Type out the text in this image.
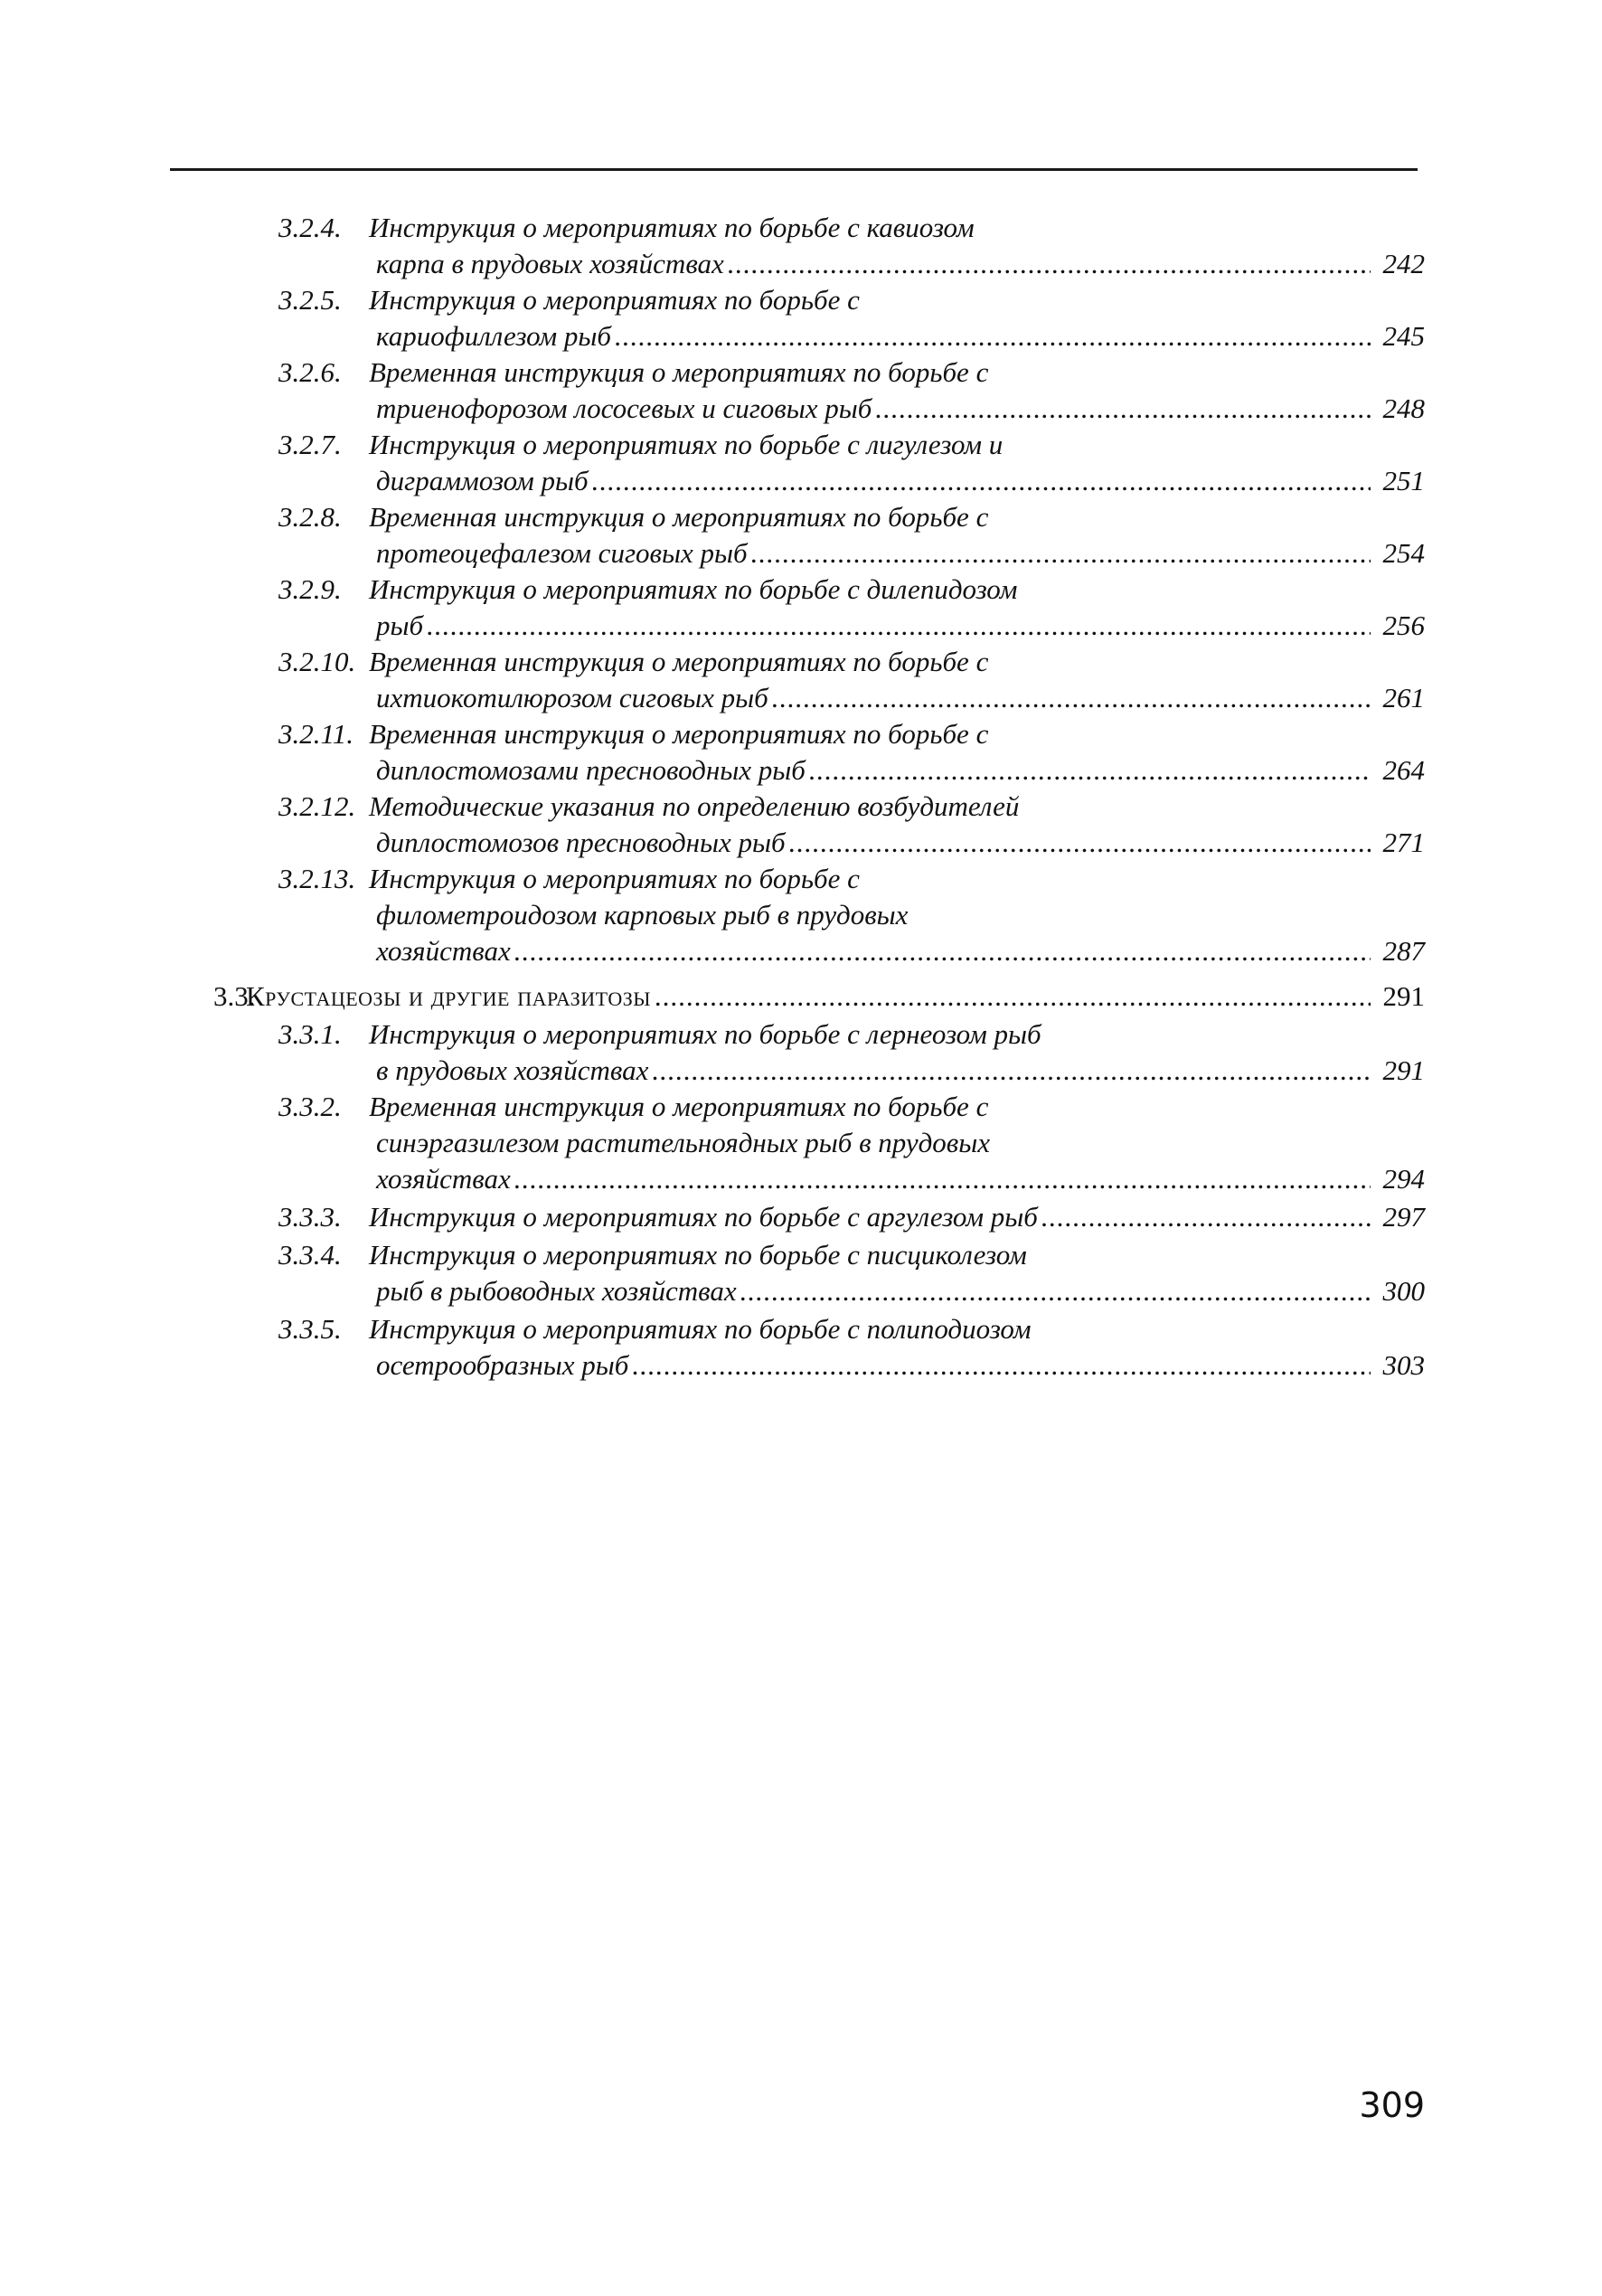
3.2.4. Инструкция о мероприятиях по борьбе с кавиозом
карпа в прудовых хозяйствах .....	242
3.2.5. Инструкция о мероприятиях по борьбе с
кариофиллезом рыб .....	245
3.2.6. Временная инструкция о мероприятиях по борьбе с
триенофорозом лососевых и сиговых рыб .....	248
3.2.7. Инструкция о мероприятиях по борьбе с лигулезом и
диграммозом рыб .....	251
3.2.8. Временная инструкция о мероприятиях по борьбе с
протеоцефалезом сиговых рыб .....	254
3.2.9. Инструкция о мероприятиях по борьбе с дилепидозом
рыб .....	256
3.2.10. Временная инструкция о мероприятиях по борьбе с
ихтиокотилюрозом сиговых рыб .....	261
3.2.11. Временная инструкция о мероприятиях по борьбе с
диплостомозами пресноводных рыб .....	264
3.2.12. Методические указания по определению возбудителей
диплостомозов пресноводных рыб .....	271
3.2.13. Инструкция о мероприятиях по борьбе с
филометроидозом карповых рыб в прудовых
хозяйствах .....	287
3.3.
Крустацеозы и другие паразитозы .....	291
3.3.1. Инструкция о мероприятиях по борьбе с лернеозом рыб
в прудовых хозяйствах .....	291
3.3.2. Временная инструкция о мероприятиях по борьбе с
синэргазилезом растительноядных рыб в прудовых
хозяйствах .....	294
3.3.3. Инструкция о мероприятиях по борьбе с аргулезом рыб .....	297
3.3.4. Инструкция о мероприятиях по борьбе с писциколезом
рыб в рыбоводных хозяйствах .....	300
3.3.5. Инструкция о мероприятиях по борьбе с полиподиозом
осетрообразных рыб .....	303
309
